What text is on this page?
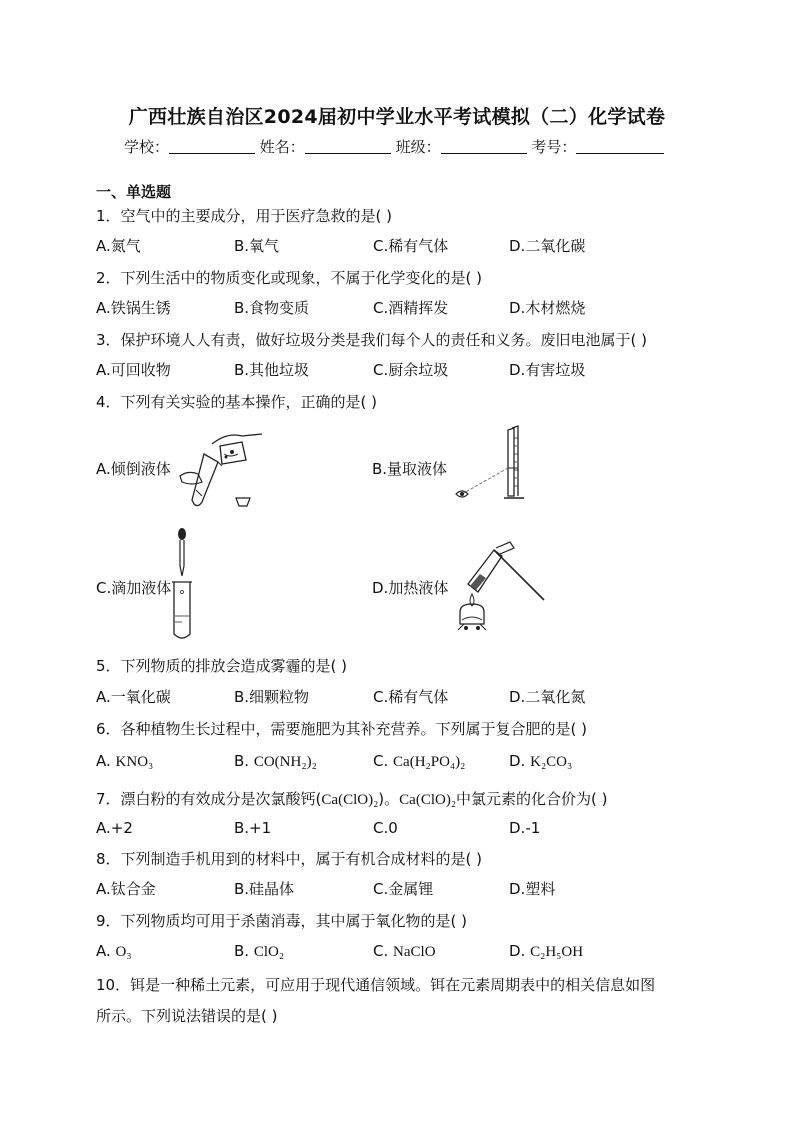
广西壮族自治区2024届初中学业水平考试模拟（二）化学试卷
学校：	姓名：	班级：	考号：
一、单选题
1．空气中的主要成分，用于医疗急救的是( )
A.氮气	B.氧气	C.稀有气体	D.二氧化碳
2．下列生活中的物质变化或现象，不属于化学变化的是( )
A.铁锅生锈	B.食物变质	C.酒精挥发	D.木材燃烧
3．保护环境人人有责，做好垃圾分类是我们每个人的责任和义务。废旧电池属于( )
A.可回收物	B.其他垃圾	C.厨余垃圾	D.有害垃圾
4．下列有关实验的基本操作，正确的是( )
A.倾倒液体	B.量取液体
C.滴加液体	D.加热液体
5．下列物质的排放会造成雾霾的是( )
A.一氧化碳	B.细颗粒物	C.稀有气体	D.二氧化氮
6．各种植物生长过程中，需要施肥为其补充营养。下列属于复合肥的是( )
A. KNO₃	B. CO(NH₂)₂	C. Ca(H₂PO₄)₂	D. K₂CO₃
7．漂白粉的有效成分是次氯酸钙(Ca(ClO)₂)。Ca(ClO)₂中氯元素的化合价为( )
A.+2	B.+1	C.0	D.-1
8．下列制造手机用到的材料中，属于有机合成材料的是( )
A.钛合金	B.硅晶体	C.金属锂	D.塑料
9．下列物质均可用于杀菌消毒，其中属于氧化物的是( )
A. O₃	B. ClO₂	C. NaClO	D. C₂H₅OH
10．铒是一种稀土元素，可应用于现代通信领域。铒在元素周期表中的相关信息如图
所示。下列说法错误的是( )
